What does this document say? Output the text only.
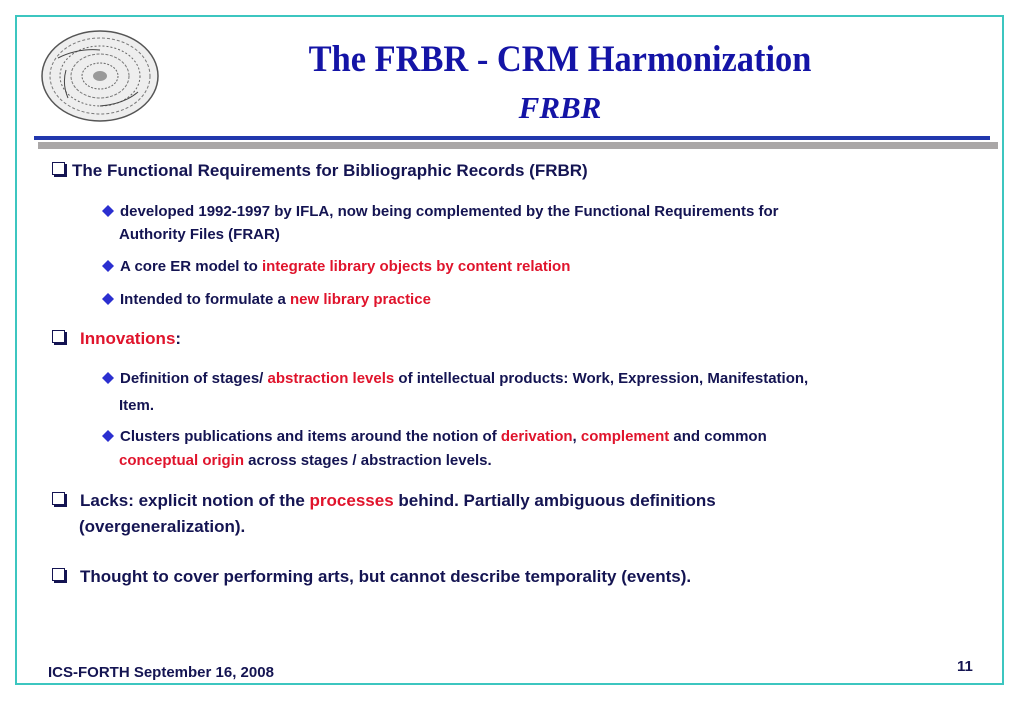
The FRBR - CRM Harmonization
FRBR
The Functional Requirements for Bibliographic Records (FRBR)
developed 1992-1997 by IFLA, now being complemented by the Functional Requirements for
Authority Files (FRAR)
A core ER model to integrate library objects by content relation
Intended to formulate a new library practice
Innovations:
Definition of stages/ abstraction levels of intellectual products: Work, Expression, Manifestation,
Item.
Clusters publications and items around the notion of derivation, complement and common
conceptual origin across stages / abstraction levels.
Lacks: explicit notion of the processes behind. Partially ambiguous definitions
(overgeneralization).
Thought to cover performing arts, but cannot describe temporality (events).
ICS-FORTH September 16, 2008	11
